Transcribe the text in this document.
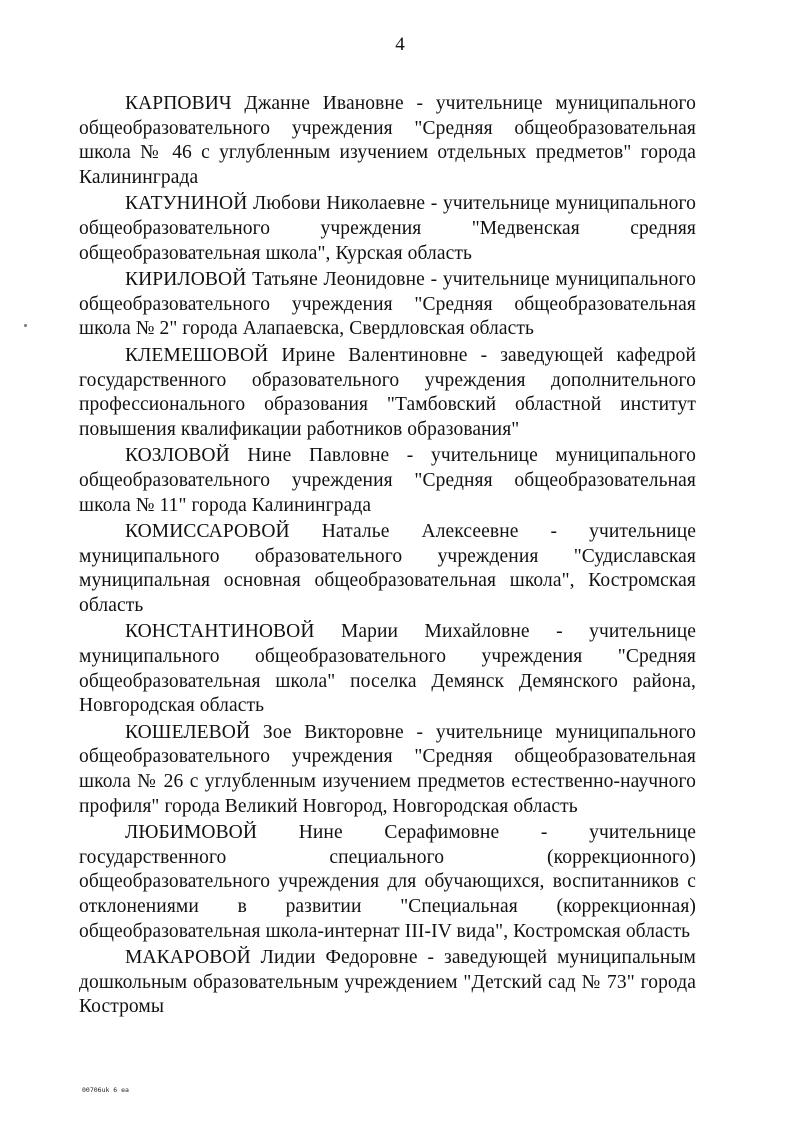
4

КАРПОВИЧ Джанне Ивановне - учительнице муниципального общеобразовательного учреждения "Средняя общеобразовательная школа № 46 с углубленным изучением отдельных предметов" города Калининграда

КАТУНИНОЙ Любови Николаевне - учительнице муниципального общеобразовательного учреждения "Медвенская средняя общеобразовательная школа", Курская область

КИРИЛОВОЙ Татьяне Леонидовне - учительнице муниципального общеобразовательного учреждения "Средняя общеобразовательная школа № 2" города Алапаевска, Свердловская область

КЛЕМЕШОВОЙ Ирине Валентиновне - заведующей кафедрой государственного образовательного учреждения дополнительного профессионального образования "Тамбовский областной институт повышения квалификации работников образования"

КОЗЛОВОЙ Нине Павловне - учительнице муниципального общеобразовательного учреждения "Средняя общеобразовательная школа № 11" города Калининграда

КОМИССАРОВОЙ Наталье Алексеевне - учительнице муниципального образовательного учреждения "Судиславская муниципальная основная общеобразовательная школа", Костромская область

КОНСТАНТИНОВОЙ Марии Михайловне - учительнице муниципального общеобразовательного учреждения "Средняя общеобразовательная школа" поселка Демянск Демянского района, Новгородская область

КОШЕЛЕВОЙ Зое Викторовне - учительнице муниципального общеобразовательного учреждения "Средняя общеобразовательная школа № 26 с углубленным изучением предметов естественно-научного профиля" города Великий Новгород, Новгородская область

ЛЮБИМОВОЙ Нине Серафимовне - учительнице государственного специального (коррекционного) общеобразовательного учреждения для обучающихся, воспитанников с отклонениями в развитии "Специальная (коррекционная) общеобразовательная школа-интернат III-IV вида", Костромская область

МАКАРОВОЙ Лидии Федоровне - заведующей муниципальным дошкольным образовательным учреждением "Детский сад № 73" города Костромы

00706uk 6 ea
